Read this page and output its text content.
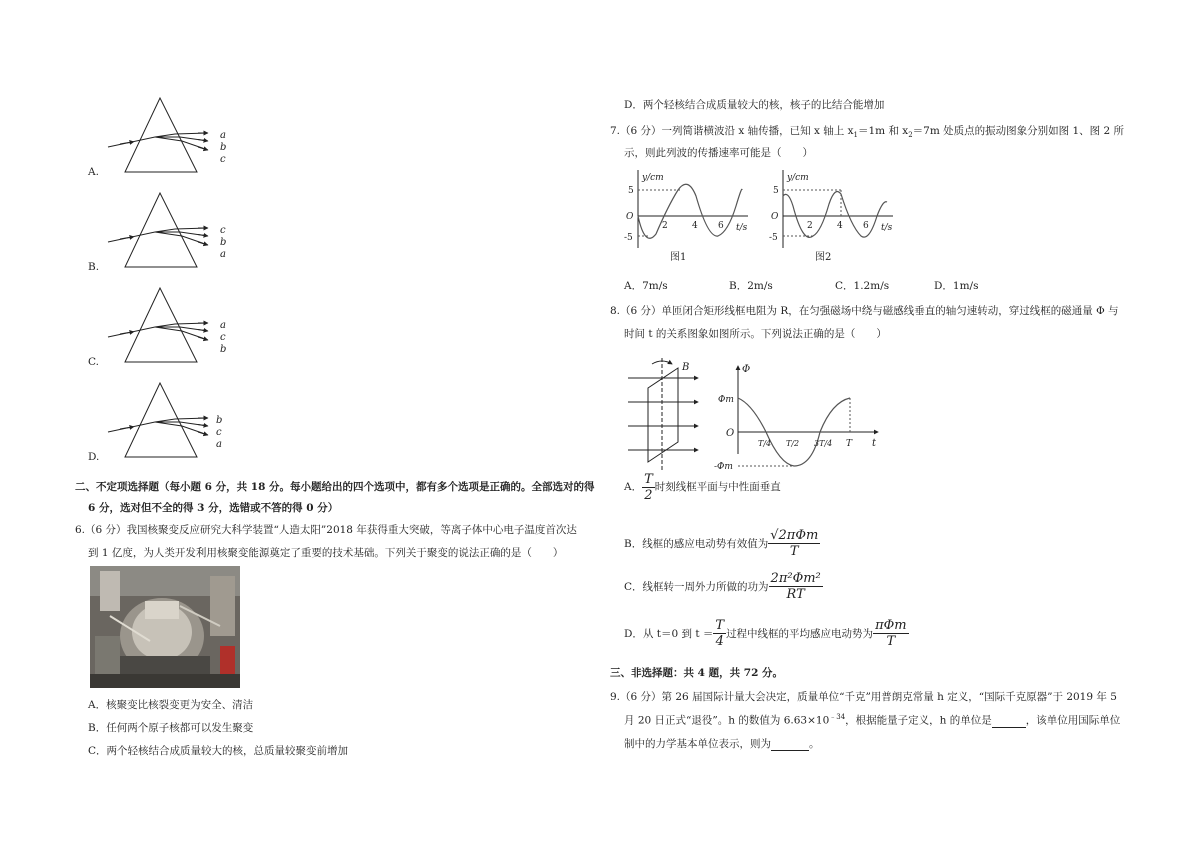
a
b
c
c
b
a
a
c
b
b
c
a
A.
B.
C.
D.
二、不定项选择题（每小题 6 分，共 18 分。每小题给出的四个选项中，都有多个选项是正确的。全部选对的得
6 分，选对但不全的得 3 分，选错或不答的得 0 分）
6.（6 分）我国核聚变反应研究大科学装置“人造太阳”2018 年获得重大突破，等离子体中心电子温度首次达
到 1 亿度，为人类开发利用核聚变能源奠定了重要的技术基础。下列关于聚变的说法正确的是（　　）
A．核聚变比核裂变更为安全、清洁
B．任何两个原子核都可以发生聚变
C．两个轻核结合成质量较大的核，总质量较聚变前增加
D．两个轻核结合成质量较大的核，核子的比结合能增加
7.（6 分）一列简谐横波沿 x 轴传播，已知 x 轴上 $x_1=1m$ 和 $x_2=7m$ 处质点的振动图象分别如图 1、图 2 所
示，则此列波的传播速率可能是（　　）
y/cm
t/s
O
5
-5
2	4 6
图1
y/cm
t/s
O
5
-5
2	4 6
图2
A．7m/s	B．2m/s	C．1.2m/s	D．1m/s
8.（6 分）单匝闭合矩形线框电阻为 R，在匀强磁场中绕与磁感线垂直的轴匀速转动，穿过线框的磁通量 Φ 与
时间 t 的关系图象如图所示。下列说法正确的是（　　）
B	Φ
Φm
-Φm
O
t
T/4 T/2 3T/4 T
A． $\frac{T}{2}$ 时刻线框平面与中性面垂直
B．线框的感应电动势有效值为 $\frac{\text{√2πΦm}}{T}$
C．线框转一周外力所做的功为 $\frac{\text{2π²Φm²}}{RT}$
D．从 t＝0 到 $t = \frac{T}{4}$ 过程中线框的平均感应电动势为 $\frac{\text{πΦm}}{T}$
三、非选择题：共 4 题，共 72 分。
9.（6 分）第 26 届国际计量大会决定，质量单位“千克”用普朗克常量 h 定义，“国际千克原器”于 2019 年 5
月 20 日正式“退役”。h 的数值为 $6.63\times 10^{﹣34}$，根据能量子定义，h 的单位是	，该单位用国际单位
制中的力学基本单位表示，则为	。
